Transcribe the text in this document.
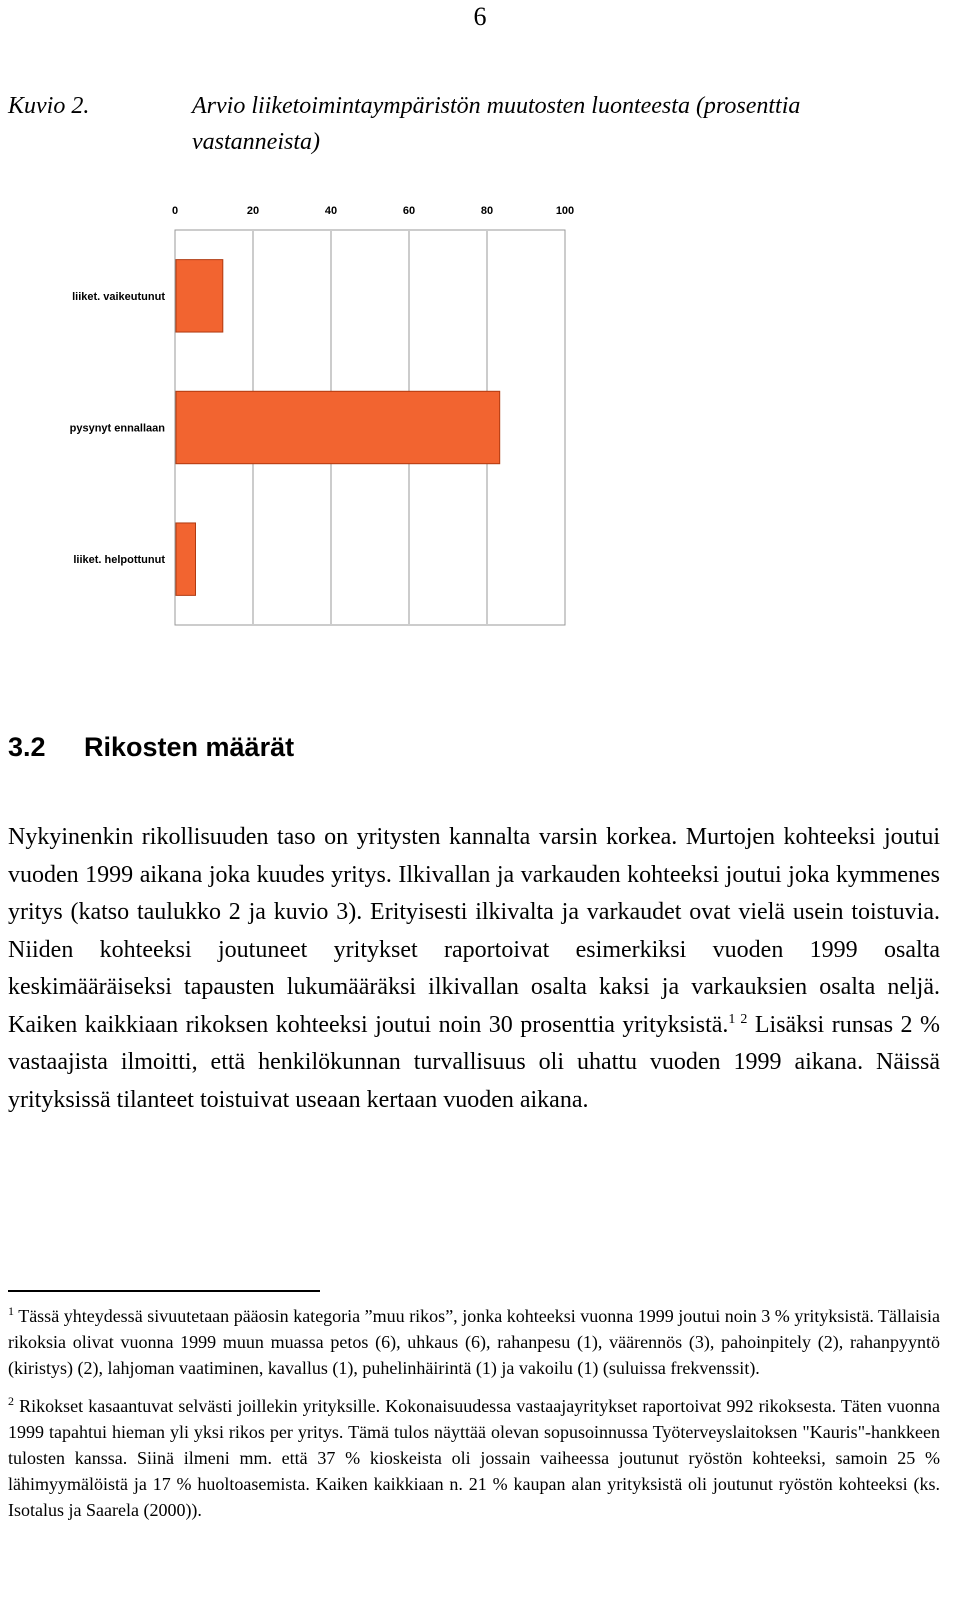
6
Kuvio 2.	Arvio liiketoimintaympäristön muutosten luonteesta (prosenttia vastanneista)
0	20	40	60	80	100
liiket. vaikeutunut
pysynyt ennallaan
liiket. helpottunut
3.2 Rikosten määrät
Nykyinenkin rikollisuuden taso on yritysten kannalta varsin korkea. Murtojen kohteeksi joutui vuoden 1999 aikana joka kuudes yritys. Ilkivallan ja varkauden kohteeksi joutui joka kymmenes yritys (katso taulukko 2 ja kuvio 3). Erityisesti ilkivalta ja varkaudet ovat vielä usein toistuvia. Niiden kohteeksi joutuneet yritykset raportoivat esimerkiksi vuoden 1999 osalta keskimääräiseksi tapausten lukumääräksi ilkivallan osalta kaksi ja varkauksien osalta neljä. Kaiken kaikkiaan rikoksen kohteeksi joutui noin 30 prosenttia yrityksistä.$^{1 2}$ Lisäksi runsas 2 % vastaajista ilmoitti, että henkilökunnan turvallisuus oli uhattu vuoden 1999 aikana. Näissä yrityksissä tilanteet toistuivat useaan kertaan vuoden aikana.

$^1$ Tässä yhteydessä sivuutetaan pääosin kategoria ”muu rikos”, jonka kohteeksi vuonna 1999 joutui noin 3 % yrityksistä. Tällaisia rikoksia olivat vuonna 1999 muun muassa petos (6), uhkaus (6), rahanpesu (1), väärennös (3), pahoinpitely (2), rahanpyyntö (kiristys) (2), lahjoman vaatiminen, kavallus (1), puhelinhäirintä (1) ja vakoilu (1) (suluissa frekvenssit).

$^2$ Rikokset kasaantuvat selvästi joillekin yrityksille. Kokonaisuudessa vastaajayritykset raportoivat 992 rikoksesta. Täten vuonna 1999 tapahtui hieman yli yksi rikos per yritys. Tämä tulos näyttää olevan sopusoinnussa Työterveyslaitoksen "Kauris"-hankkeen tulosten kanssa. Siinä ilmeni mm. että 37 % kioskeista oli jossain vaiheessa joutunut ryöstön kohteeksi, samoin 25 % lähimyymälöistä ja 17 % huoltoasemista. Kaiken kaikkiaan n. 21 % kaupan alan yrityksistä oli joutunut ryöstön kohteeksi (ks. Isotalus ja Saarela (2000)).
